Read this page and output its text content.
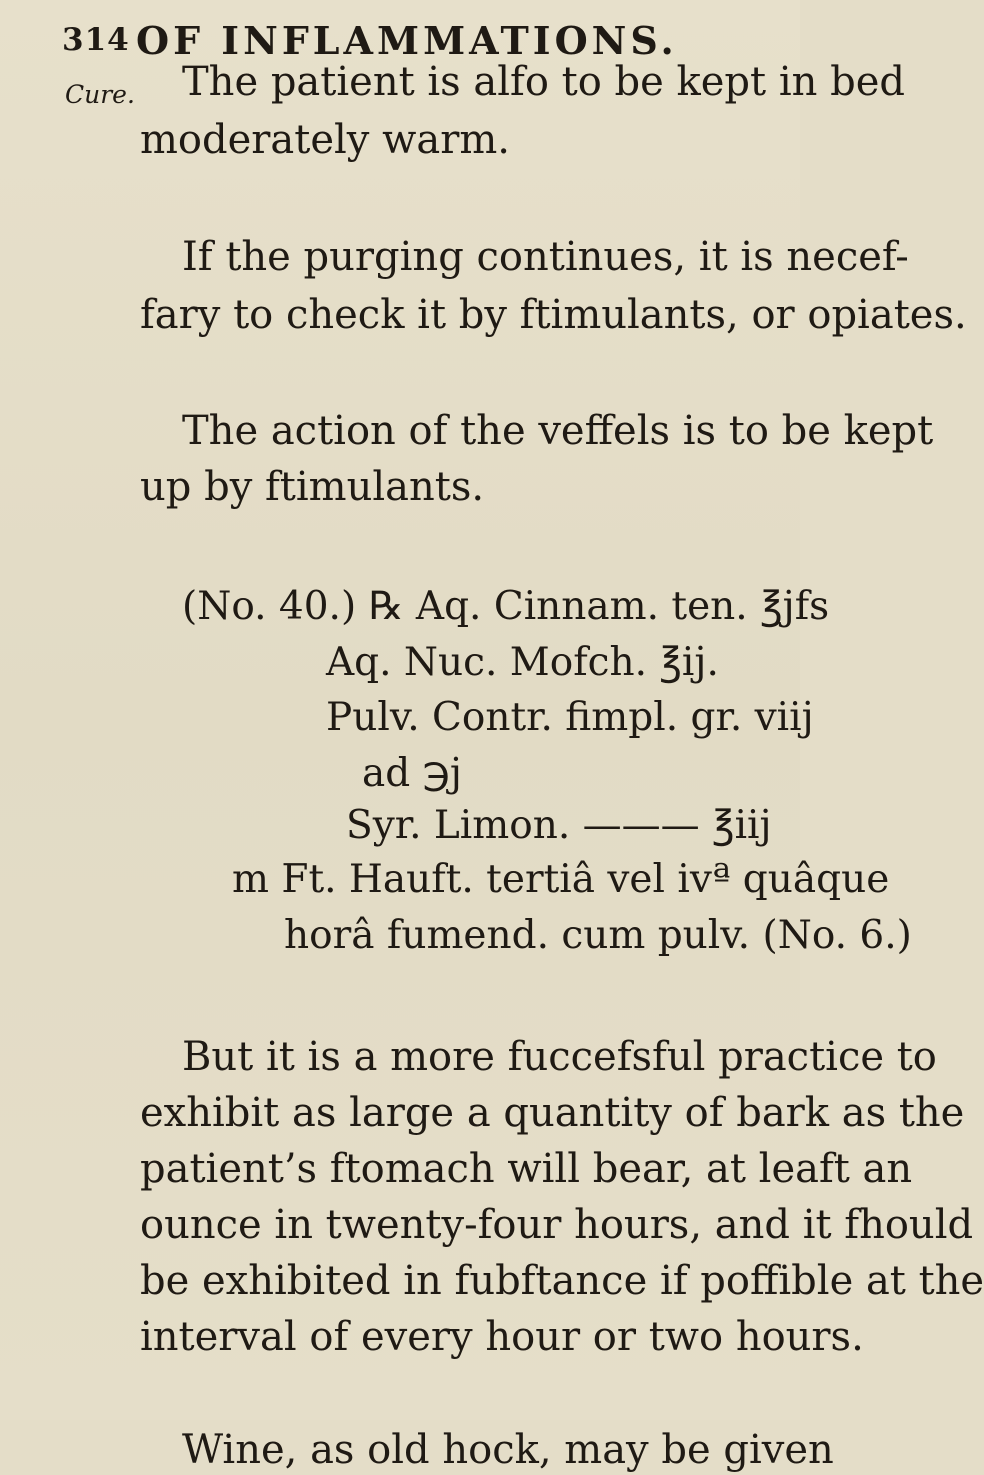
314 OF INFLAMMATIONS.
Cure. The patient is alfo to be kept in bed
moderately warm.
If the purging continues, it is necef-
fary to check it by ftimulants, or opiates.
The action of the veffels is to be kept
up by ftimulants.
(No. 40.) ℞ Aq. Cinnam. ten. ℥jfs
Aq. Nuc. Mofch. ℥ij.
Pulv. Contr. fimpl. gr. viij
ad ℈j
Syr. Limon. ——— ℥iij
m Ft. Hauft. tertiâ vel ivª quâque
horâ fumend. cum pulv. (No. 6.)
But it is a more fuccefsful practice to
exhibit as large a quantity of bark as the
patient’s ftomach will bear, at leaft an
ounce in twenty-four hours, and it fhould
be exhibited in fubftance if poffible at the
interval of every hour or two hours.
Wine, as old hock, may be given
